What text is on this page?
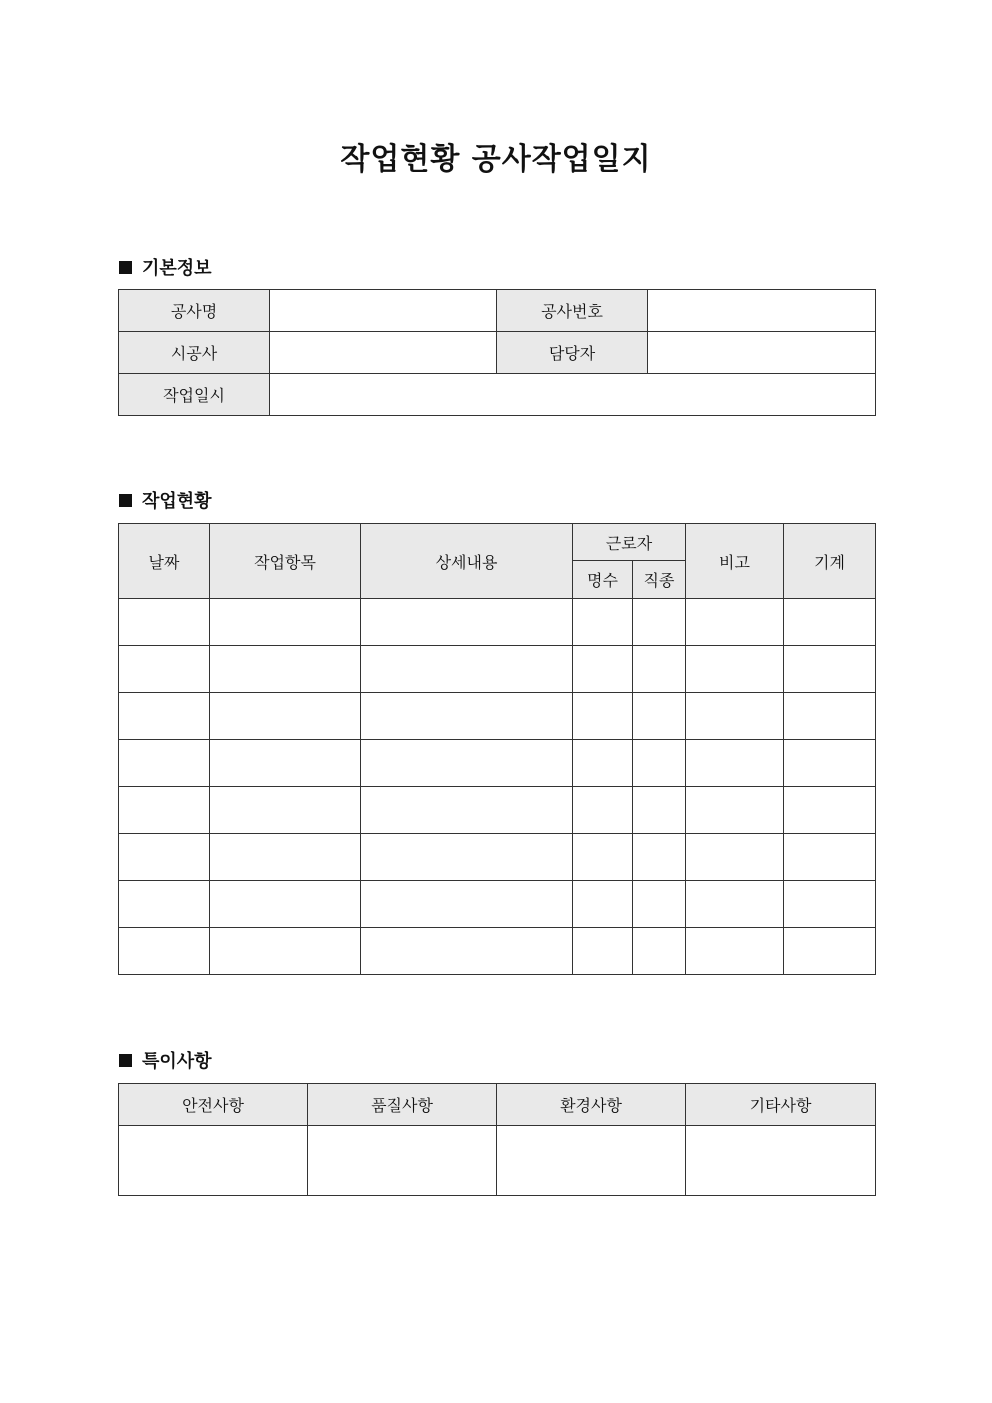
작업현황 공사작업일지
기본정보
공사명		공사번호	
시공사		담당자	
작업일시			
작업현황
날짜	작업항목	상세내용	근로자		비고	기계
			명수	직종		

특이사항
안전사항	품질사항	환경사항	기타사항
